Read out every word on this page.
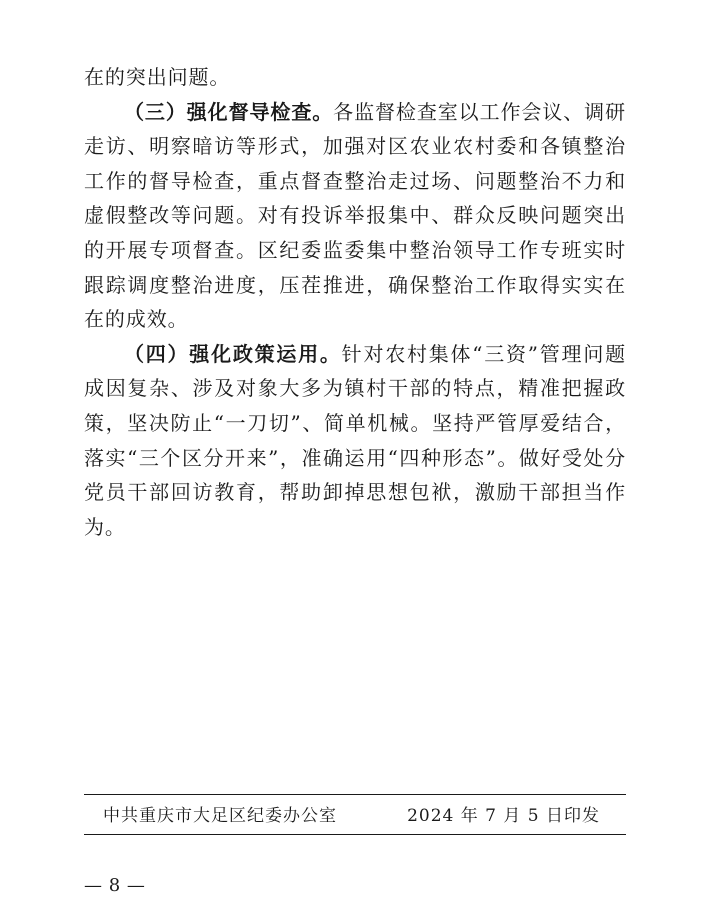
在的突出问题。

（三）强化督导检查。各监督检查室以工作会议、调研走访、明察暗访等形式，加强对区农业农村委和各镇整治工作的督导检查，重点督查整治走过场、问题整治不力和虚假整改等问题。对有投诉举报集中、群众反映问题突出的开展专项督查。区纪委监委集中整治领导工作专班实时跟踪调度整治进度，压茬推进，确保整治工作取得实实在在的成效。

（四）强化政策运用。针对农村集体“三资”管理问题成因复杂、涉及对象大多为镇村干部的特点，精准把握政策，坚决防止“一刀切”、简单机械。坚持严管厚爱结合，落实“三个区分开来”，准确运用“四种形态”。做好受处分党员干部回访教育，帮助卸掉思想包袱，激励干部担当作为。

中共重庆市大足区纪委办公室	2024 年 7 月 5 日印发
— 8 —
